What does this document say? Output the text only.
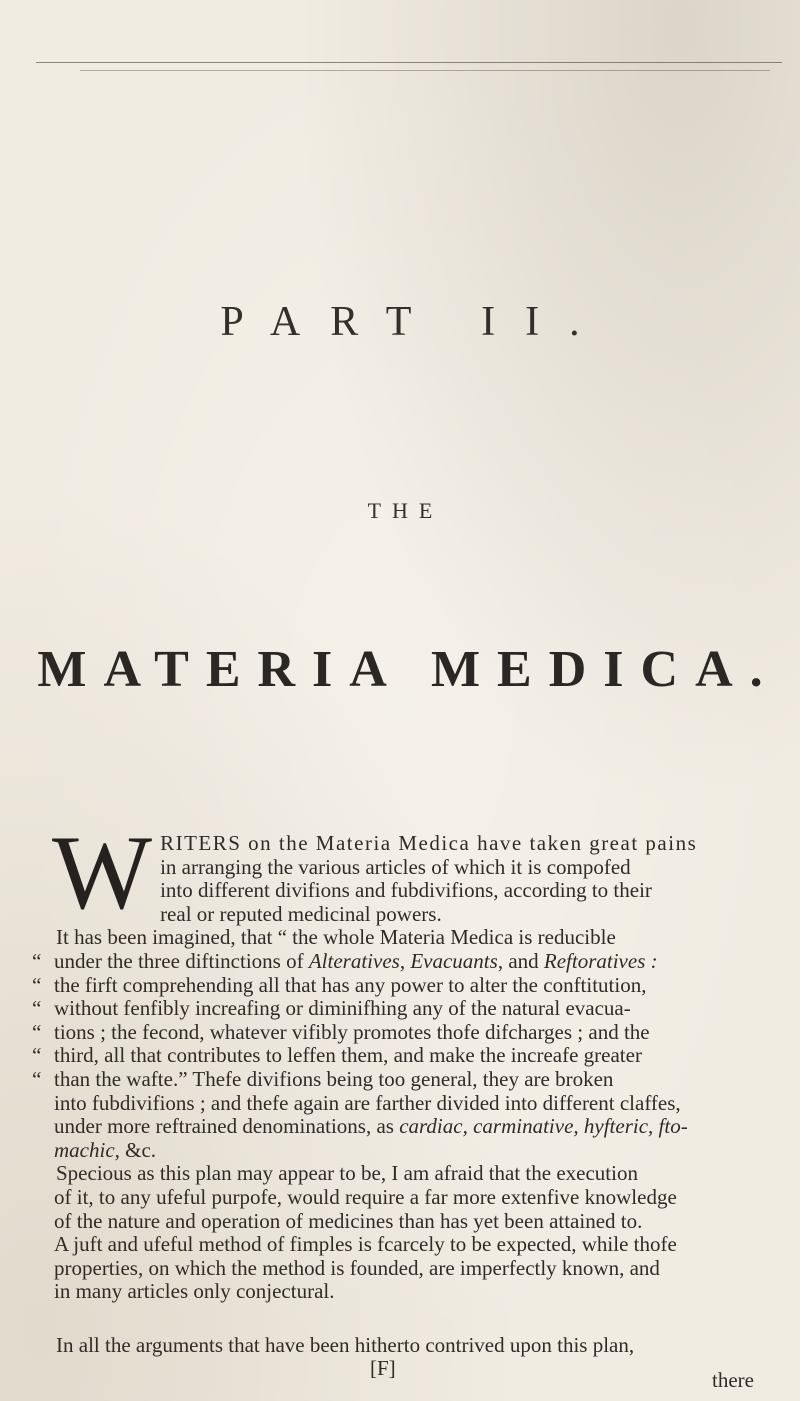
PART II.
THE
MATERIA MEDICA.
W RITERS on the Materia Medica have taken great pains
in arranging the various articles of which it is compofed
into different divifions and fubdivifions, according to their
real or reputed medicinal powers.
It has been imagined, that “ the whole Materia Medica is reducible
“ under the three diftinctions of Alteratives, Evacuants, and Reftoratives :
“ the firft comprehending all that has any power to alter the conftitution,
“ without fenfibly increafing or diminifhing any of the natural evacua-
“ tions ; the fecond, whatever vifibly promotes thofe difcharges ; and the
“ third, all that contributes to leffen them, and make the increafe greater
“ than the wafte.” Thefe divifions being too general, they are broken
into fubdivifions ; and thefe again are farther divided into different claffes,
under more reftrained denominations, as cardiac, carminative, hyfteric, fto-
machic, &c.
Specious as this plan may appear to be, I am afraid that the execution
of it, to any ufeful purpofe, would require a far more extenfive knowledge
of the nature and operation of medicines than has yet been attained to.
A juft and ufeful method of fimples is fcarcely to be expected, while thofe
properties, on which the method is founded, are imperfectly known, and
in many articles only conjectural.
In all the arguments that have been hitherto contrived upon this plan,
[F]	there
